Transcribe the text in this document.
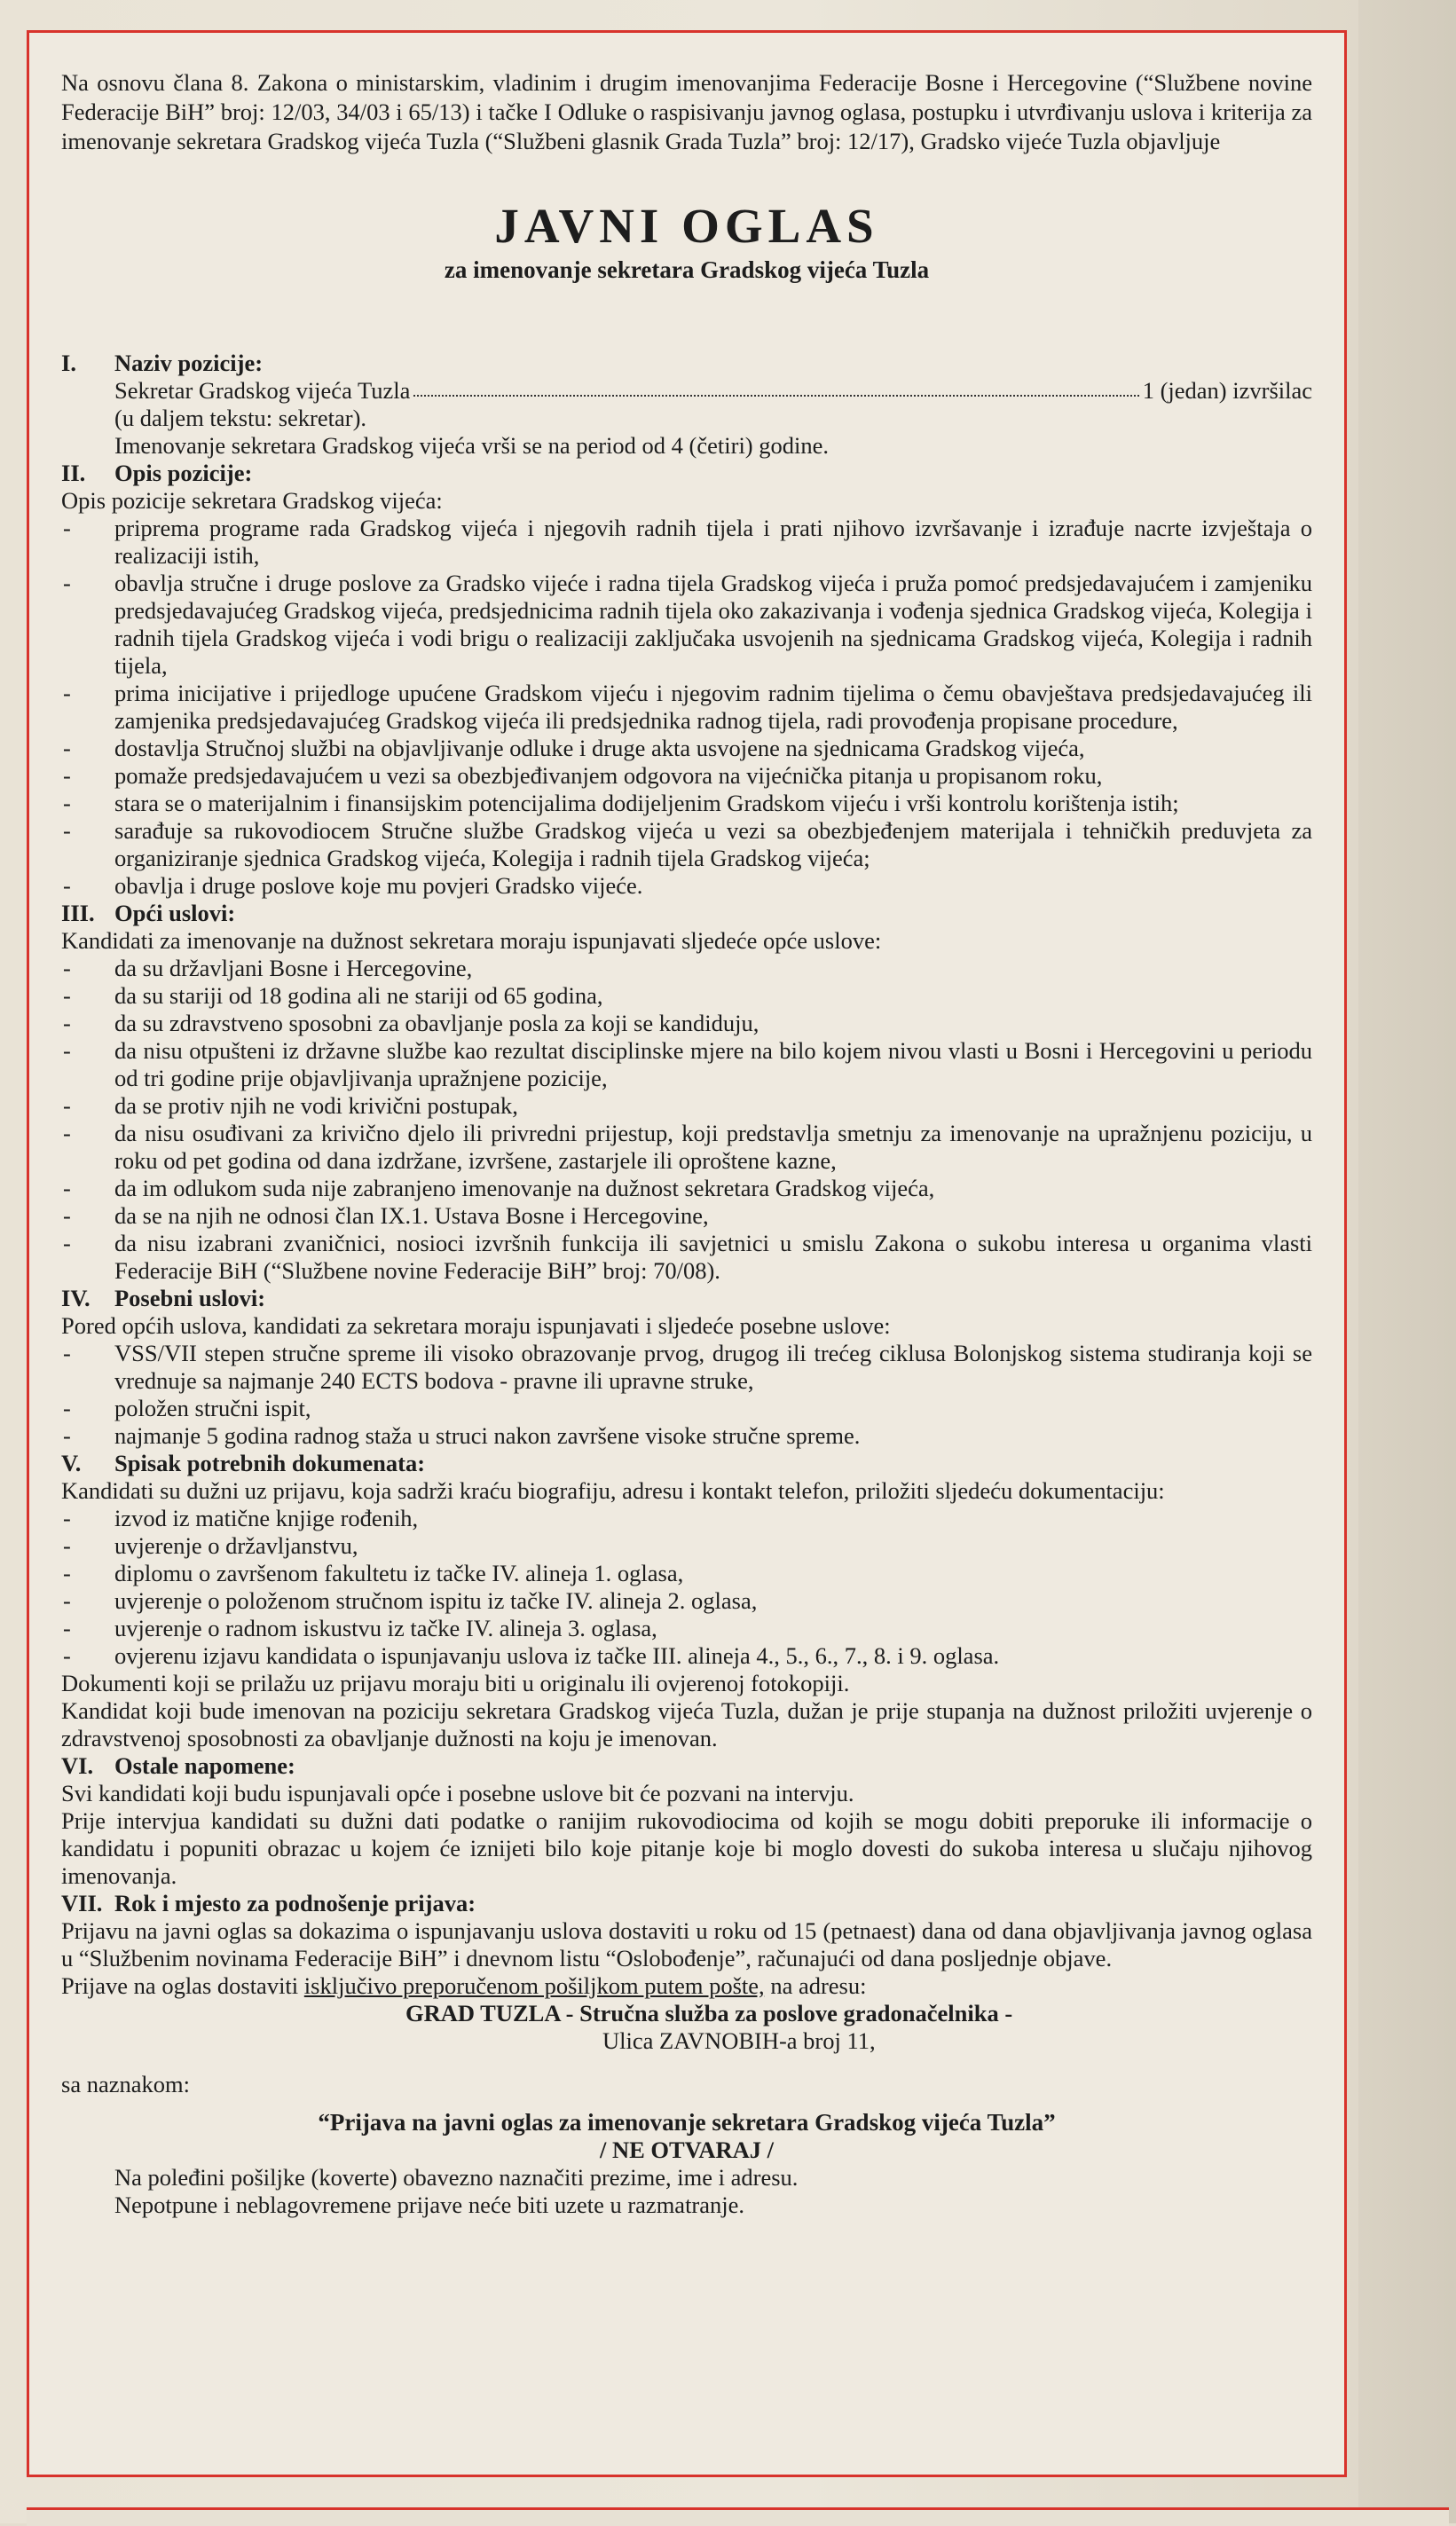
Na osnovu člana 8. Zakona o ministarskim, vladinim i drugim imenovanjima Federacije Bosne i Hercegovine (“Službene novine Federacije BiH” broj: 12/03, 34/03 i 65/13) i tačke I Odluke o raspisivanju javnog oglasa, postupku i utvrđivanju uslova i kriterija za imenovanje sekretara Gradskog vijeća Tuzla (“Službeni glasnik Grada Tuzla” broj: 12/17), Gradsko vijeće Tuzla objavljuje

JAVNI OGLAS

za imenovanje sekretara Gradskog vijeća Tuzla

I.	Naziv pozicije:
Sekretar Gradskog vijeća Tuzla	1 (jedan) izvršilac

(u daljem tekstu: sekretar).

Imenovanje sekretara Gradskog vijeća vrši se na period od 4 (četiri) godine.

II.	Opis pozicije:

Opis pozicije sekretara Gradskog vijeća:

- priprema programe rada Gradskog vijeća i njegovih radnih tijela i prati njihovo izvršavanje i izrađuje nacrte izvještaja o realizaciji istih,
- obavlja stručne i druge poslove za Gradsko vijeće i radna tijela Gradskog vijeća i pruža pomoć predsjedavajućem i zamjeniku predsjedavajućeg Gradskog vijeća, predsjednicima radnih tijela oko zakazivanja i vođenja sjednica Gradskog vijeća, Kolegija i radnih tijela Gradskog vijeća i vodi brigu o realizaciji zaključaka usvojenih na sjednicama Gradskog vijeća, Kolegija i radnih tijela,
- prima inicijative i prijedloge upućene Gradskom vijeću i njegovim radnim tijelima o čemu obavještava predsjedavajućeg ili zamjenika predsjedavajućeg Gradskog vijeća ili predsjednika radnog tijela, radi provođenja propisane procedure,
- dostavlja Stručnoj službi na objavljivanje odluke i druge akta usvojene na sjednicama Gradskog vijeća,
- pomaže predsjedavajućem u vezi sa obezbjeđivanjem odgovora na vijećnička pitanja u propisanom roku,
- stara se o materijalnim i finansijskim potencijalima dodijeljenim Gradskom vijeću i vrši kontrolu korištenja istih;
- sarađuje sa rukovodiocem Stručne službe Gradskog vijeća u vezi sa obezbjeđenjem materijala i tehničkih preduvjeta za organiziranje sjednica Gradskog vijeća, Kolegija i radnih tijela Gradskog vijeća;
- obavlja i druge poslove koje mu povjeri Gradsko vijeće.
III. Opći uslovi:

Kandidati za imenovanje na dužnost sekretara moraju ispunjavati sljedeće opće uslove:

- da su državljani Bosne i Hercegovine,
- da su stariji od 18 godina ali ne stariji od 65 godina,
- da su zdravstveno sposobni za obavljanje posla za koji se kandiduju,
- da nisu otpušteni iz državne službe kao rezultat disciplinske mjere na bilo kojem nivou vlasti u Bosni i Hercegovini u periodu od tri godine prije objavljivanja upražnjene pozicije,
- da se protiv njih ne vodi krivični postupak,
- da nisu osuđivani za krivično djelo ili privredni prijestup, koji predstavlja smetnju za imenovanje na upražnjenu poziciju, u roku od pet godina od dana izdržane, izvršene, zastarjele ili oproštene kazne,
- da im odlukom suda nije zabranjeno imenovanje na dužnost sekretara Gradskog vijeća,
- da se na njih ne odnosi član IX.1. Ustava Bosne i Hercegovine,
- da nisu izabrani zvaničnici, nosioci izvršnih funkcija ili savjetnici u smislu Zakona o sukobu interesa u organima vlasti Federacije BiH (“Službene novine Federacije BiH” broj: 70/08).
IV.	Posebni uslovi:

Pored općih uslova, kandidati za sekretara moraju ispunjavati i sljedeće posebne uslove:

- VSS/VII stepen stručne spreme ili visoko obrazovanje prvog, drugog ili trećeg ciklusa Bolonjskog sistema studiranja koji se vrednuje sa najmanje 240 ECTS bodova - pravne ili upravne struke,
- položen stručni ispit,
- najmanje 5 godina radnog staža u struci nakon završene visoke stručne spreme.
V.	Spisak potrebnih dokumenata:

Kandidati su dužni uz prijavu, koja sadrži kraću biografiju, adresu i kontakt telefon, priložiti sljedeću dokumentaciju:

- izvod iz matične knjige rođenih,
- uvjerenje o državljanstvu,
- diplomu o završenom fakultetu iz tačke IV. alineja 1. oglasa,
- uvjerenje o položenom stručnom ispitu iz tačke IV. alineja 2. oglasa,
- uvjerenje o radnom iskustvu iz tačke IV. alineja 3. oglasa,
- ovjerenu izjavu kandidata o ispunjavanju uslova iz tačke III. alineja 4., 5., 6., 7., 8. i 9. oglasa.

Dokumenti koji se prilažu uz prijavu moraju biti u originalu ili ovjerenoj fotokopiji.

Kandidat koji bude imenovan na poziciju sekretara Gradskog vijeća Tuzla, dužan je prije stupanja na dužnost priložiti uvjerenje o zdravstvenoj sposobnosti za obavljanje dužnosti na koju je imenovan.

VI. Ostale napomene:

Svi kandidati koji budu ispunjavali opće i posebne uslove bit će pozvani na intervju.

Prije intervjua kandidati su dužni dati podatke o ranijim rukovodiocima od kojih se mogu dobiti preporuke ili informacije o kandidatu i popuniti obrazac u kojem će iznijeti bilo koje pitanje koje bi moglo dovesti do sukoba interesa u slučaju njihovog imenovanja.

VII. Rok i mjesto za podnošenje prijava:

Prijavu na javni oglas sa dokazima o ispunjavanju uslova dostaviti u roku od 15 (petnaest) dana od dana objavljivanja javnog oglasa u “Službenim novinama Federacije BiH” i dnevnom listu “Oslobođenje”, računajući od dana posljednje objave.

Prijave na oglas dostaviti isključivo preporučenom pošiljkom putem pošte, na adresu:

GRAD TUZLA - Stručna služba za poslove gradonačelnika -

Ulica ZAVNOBIH-a broj 11,

sa naznakom:

“Prijava na javni oglas za imenovanje sekretara Gradskog vijeća Tuzla”

/ NE OTVARAJ /

Na poleđini pošiljke (koverte) obavezno naznačiti prezime, ime i adresu.

Nepotpune i neblagovremene prijave neće biti uzete u razmatranje.
